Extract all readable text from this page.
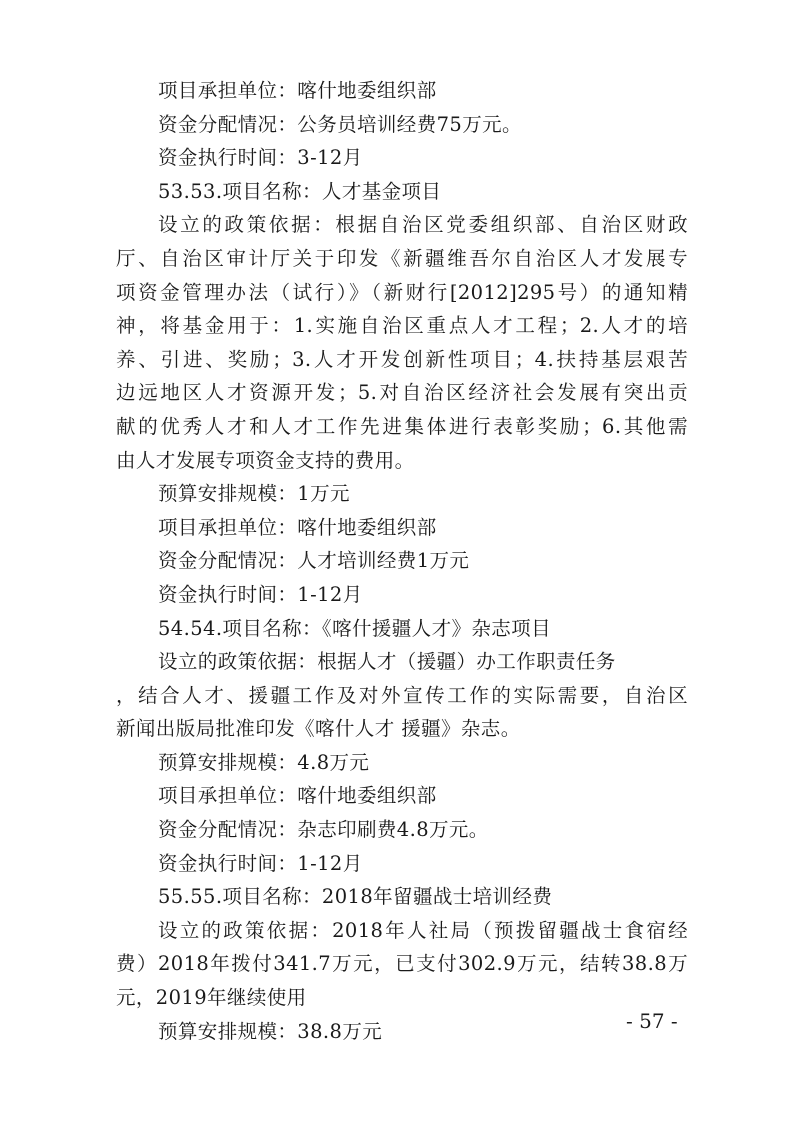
项目承担单位：喀什地委组织部
资金分配情况：公务员培训经费75万元。
资金执行时间：3-12月
53.53.项目名称：人才基金项目
设立的政策依据：根据自治区党委组织部、自治区财政
厅、自治区审计厅关于印发《新疆维吾尔自治区人才发展专
项资金管理办法（试行）》（新财行[2012]295号）的通知精
神，将基金用于：1.实施自治区重点人才工程；2.人才的培
养、引进、奖励；3.人才开发创新性项目；4.扶持基层艰苦
边远地区人才资源开发；5.对自治区经济社会发展有突出贡
献的优秀人才和人才工作先进集体进行表彰奖励；6.其他需
由人才发展专项资金支持的费用。
预算安排规模：1万元
项目承担单位：喀什地委组织部
资金分配情况：人才培训经费1万元
资金执行时间：1-12月
54.54.项目名称：《喀什援疆人才》杂志项目
设立的政策依据：根据人才（援疆）办工作职责任务
，结合人才、援疆工作及对外宣传工作的实际需要，自治区
新闻出版局批准印发《喀什人才 援疆》杂志。
预算安排规模：4.8万元
项目承担单位：喀什地委组织部
资金分配情况：杂志印刷费4.8万元。
资金执行时间：1-12月
55.55.项目名称：2018年留疆战士培训经费
设立的政策依据：2018年人社局（预拨留疆战士食宿经
费）2018年拨付341.7万元，已支付302.9万元，结转38.8万
元，2019年继续使用
预算安排规模：38.8万元	- 57 -
